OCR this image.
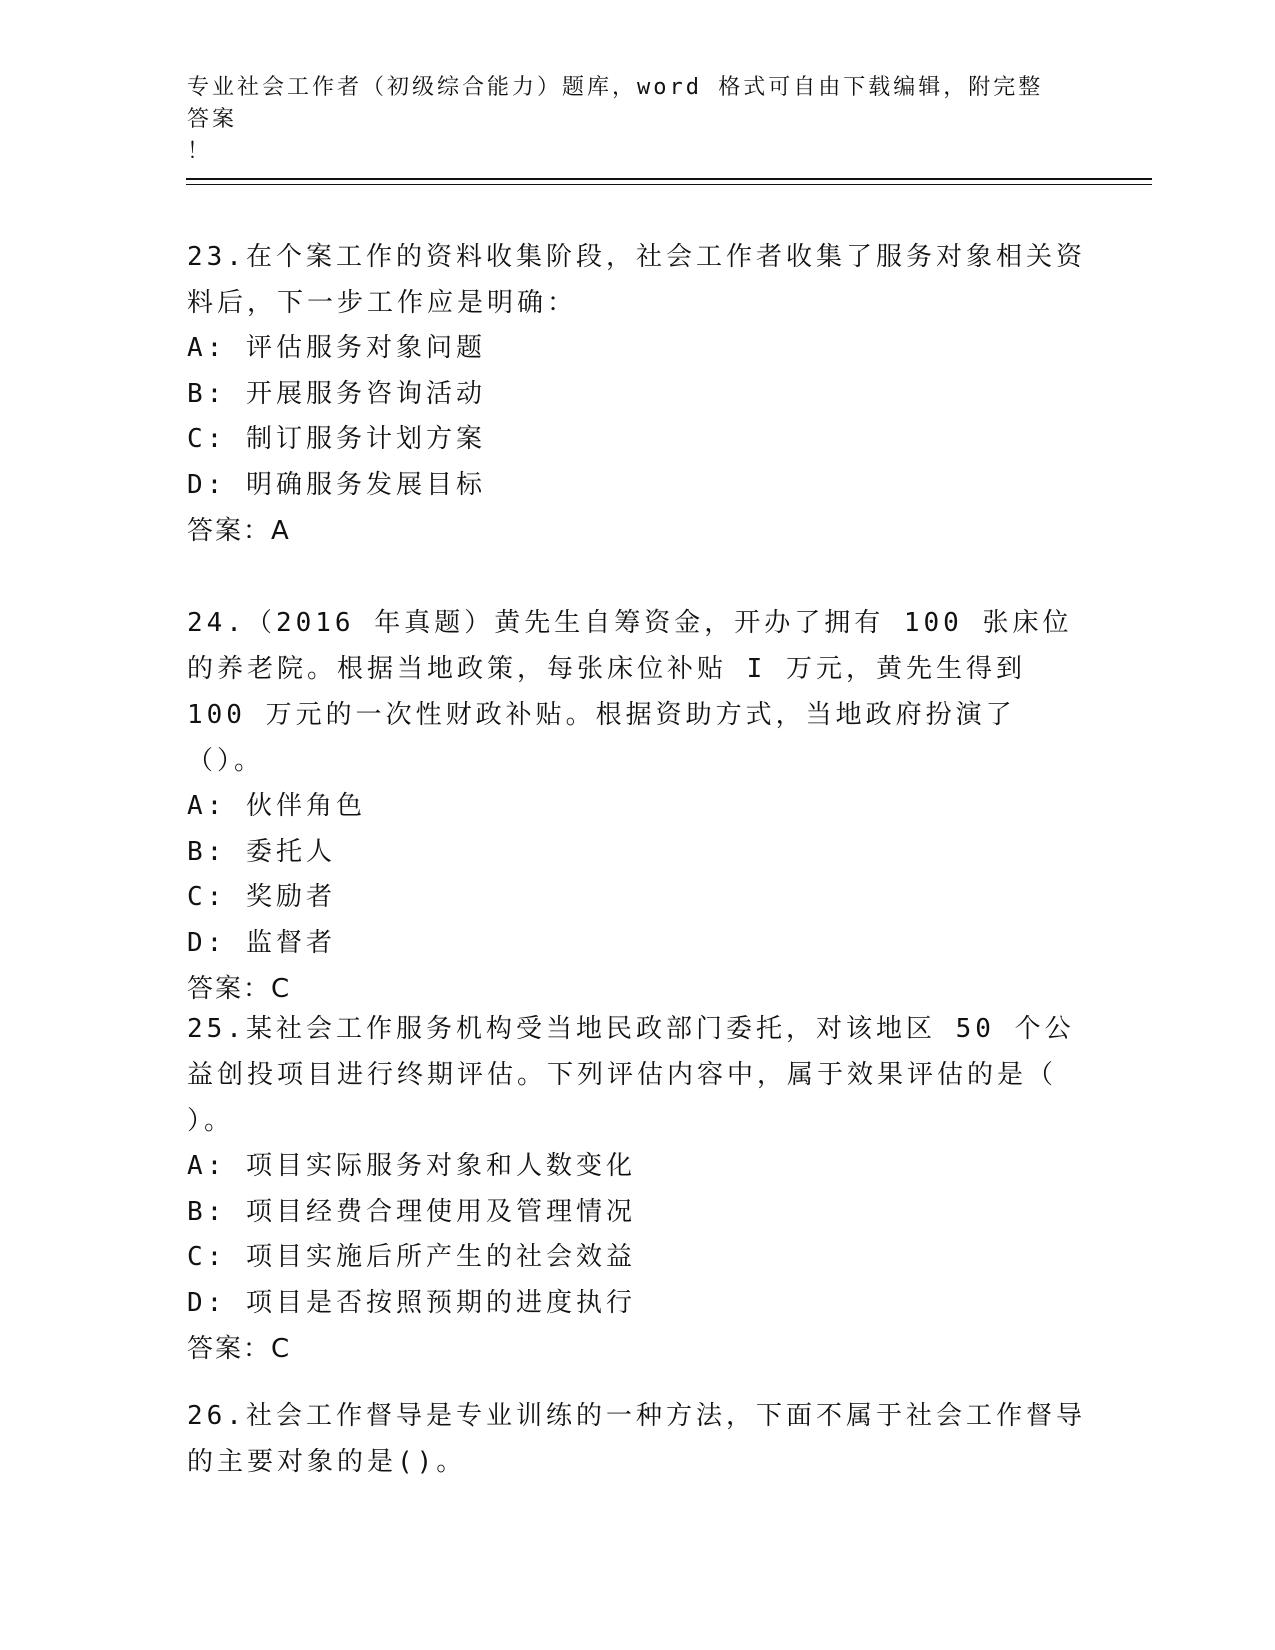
专业社会工作者（初级综合能力）题库，word 格式可自由下载编辑，附完整答案
！
23.在个案工作的资料收集阶段，社会工作者收集了服务对象相关资料后，下一步工作应是明确：
A: 评估服务对象问题
B: 开展服务咨询活动
C: 制订服务计划方案
D: 明确服务发展目标
答案：A
24.（2016 年真题）黄先生自筹资金，开办了拥有 100 张床位的养老院。根据当地政策，每张床位补贴 I 万元，黄先生得到 100 万元的一次性财政补贴。根据资助方式，当地政府扮演了（）。
A: 伙伴角色
B: 委托人
C: 奖励者
D: 监督者
答案：C
25.某社会工作服务机构受当地民政部门委托，对该地区 50 个公益创投项目进行终期评估。下列评估内容中，属于效果评估的是（ ）。
A: 项目实际服务对象和人数变化
B: 项目经费合理使用及管理情况
C: 项目实施后所产生的社会效益
D: 项目是否按照预期的进度执行
答案：C
26.社会工作督导是专业训练的一种方法，下面不属于社会工作督导的主要对象的是()。
